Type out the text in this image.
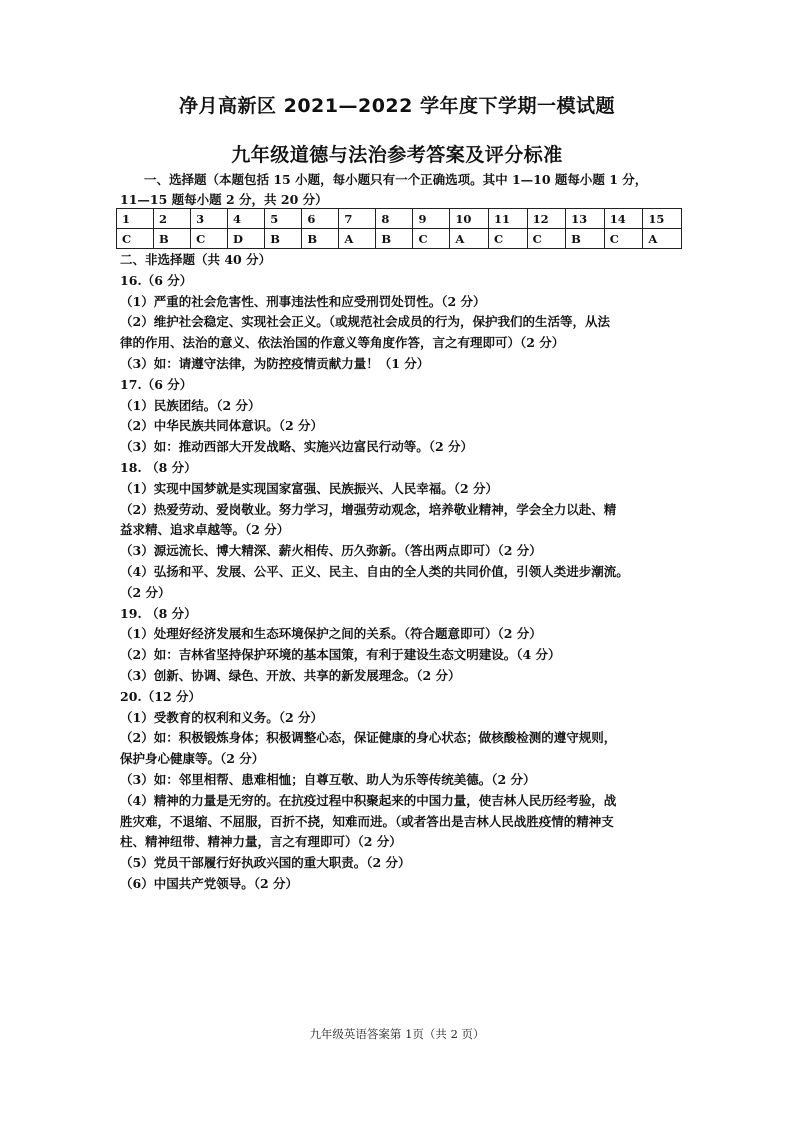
净月高新区 2021—2022 学年度下学期一模试题
九年级道德与法治参考答案及评分标准
一、选择题（本题包括 15 小题，每小题只有一个正确选项。其中 1—10 题每小题 1 分，
11—15 题每小题 2 分，共 20 分）
1	2	3	4	5	6	7	8	9	10	11	12	13	14	15
C	B	C	D	B	B	A	B	C	A	C	C	B	C	A
二、非选择题（共 40 分）
16.（6 分）
（1）严重的社会危害性、刑事违法性和应受刑罚处罚性。（2 分）
（2）维护社会稳定、实现社会正义。（或规范社会成员的行为，保护我们的生活等，从法
律的作用、法治的意义、依法治国的作意义等角度作答，言之有理即可）（2 分）
（3）如：请遵守法律，为防控疫情贡献力量！（1 分）
17.（6 分）
（1）民族团结。（2 分）
（2）中华民族共同体意识。（2 分）
（3）如：推动西部大开发战略、实施兴边富民行动等。（2 分）
18. （8 分）
（1）实现中国梦就是实现国家富强、民族振兴、人民幸福。（2 分）
（2）热爱劳动、爱岗敬业。努力学习，增强劳动观念，培养敬业精神，学会全力以赴、精
益求精、追求卓越等。（2 分）
（3）源远流长、博大精深、薪火相传、历久弥新。（答出两点即可）（2 分）
（4）弘扬和平、发展、公平、正义、民主、自由的全人类的共同价值，引领人类进步潮流。
（2 分）
19. （8 分）
（1）处理好经济发展和生态环境保护之间的关系。（符合题意即可）（2 分）
（2）如：吉林省坚持保护环境的基本国策，有利于建设生态文明建设。（4 分）
（3）创新、协调、绿色、开放、共享的新发展理念。（2 分）
20.（12 分）
（1）受教育的权利和义务。（2 分）
（2）如：积极锻炼身体；积极调整心态，保证健康的身心状态；做核酸检测的遵守规则，
保护身心健康等。（2 分）
（3）如：邻里相帮、患难相恤；自尊互敬、助人为乐等传统美德。（2 分）
（4）精神的力量是无穷的。在抗疫过程中积聚起来的中国力量，使吉林人民历经考验，战
胜灾难，不退缩、不屈服，百折不挠，知难而进。（或者答出是吉林人民战胜疫情的精神支
柱、精神纽带、精神力量，言之有理即可）（2 分）
（5）党员干部履行好执政兴国的重大职责。（2 分）
（6）中国共产党领导。（2 分）
九年级英语答案第 1页（共 2 页）
